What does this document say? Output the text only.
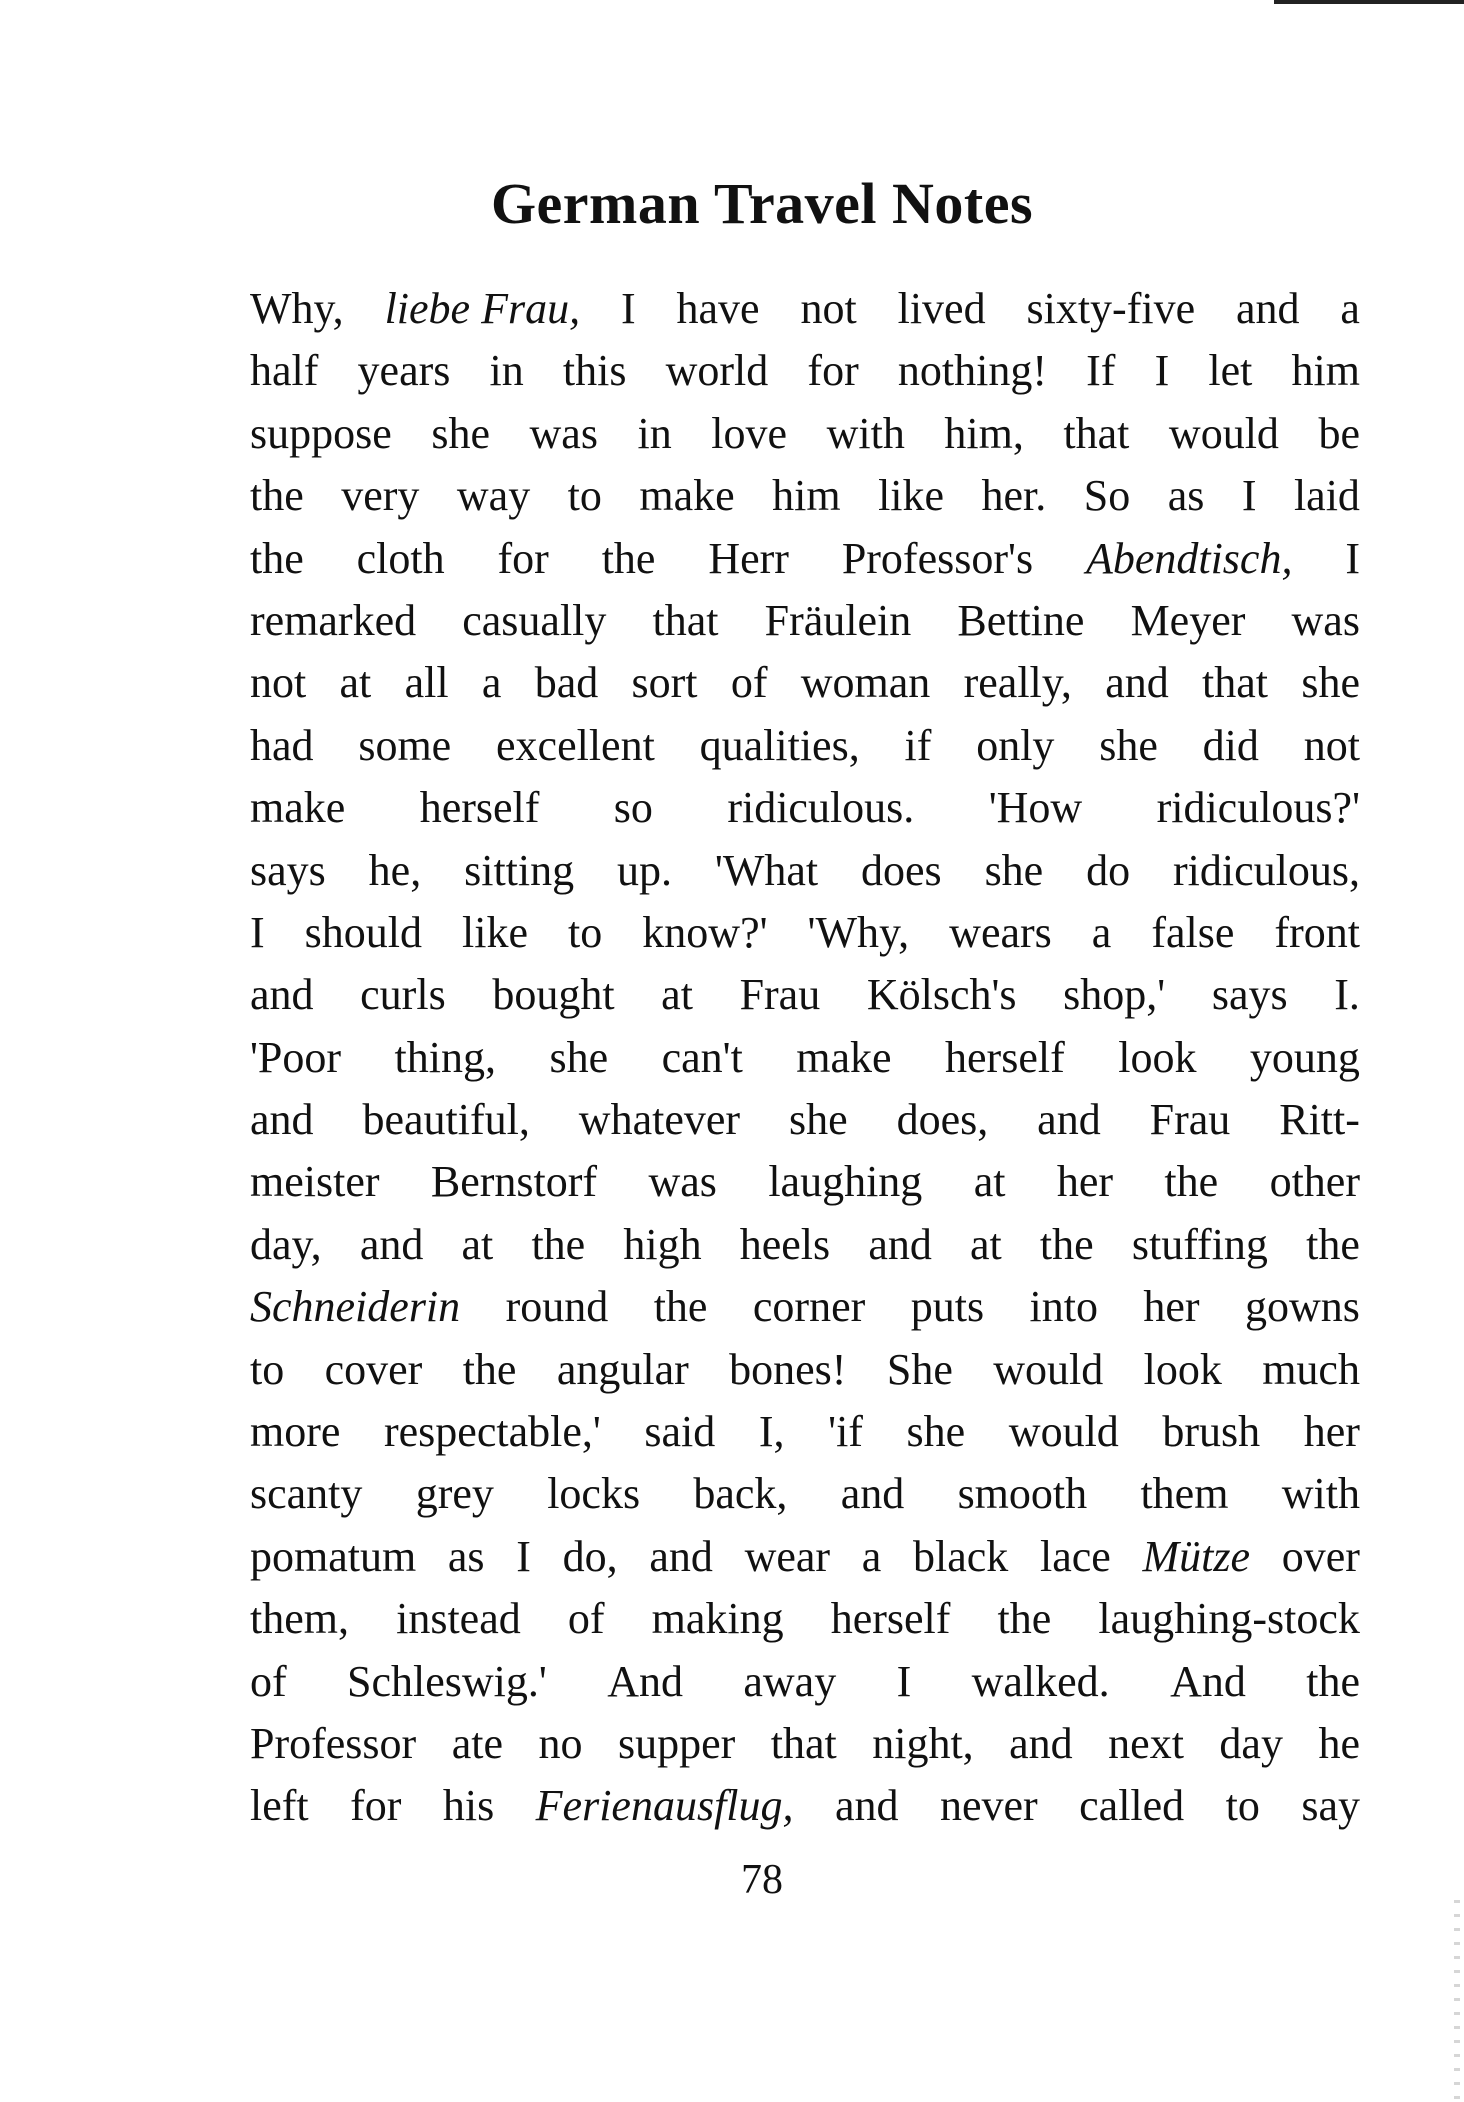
German Travel Notes
Why, liebe Frau, I have not lived sixty-five and a
half years in this world for nothing! If I let him
suppose she was in love with him, that would be
the very way to make him like her. So as I laid
the cloth for the Herr Professor's Abendtisch, I
remarked casually that Fräulein Bettine Meyer was
not at all a bad sort of woman really, and that she
had some excellent qualities, if only she did not
make herself so ridiculous. 'How ridiculous?'
says he, sitting up. 'What does she do ridiculous,
I should like to know?' 'Why, wears a false front
and curls bought at Frau Kölsch's shop,' says I.
'Poor thing, she can't make herself look young
and beautiful, whatever she does, and Frau Ritt-
meister Bernstorf was laughing at her the other
day, and at the high heels and at the stuffing the
Schneiderin round the corner puts into her gowns
to cover the angular bones! She would look much
more respectable,' said I, 'if she would brush her
scanty grey locks back, and smooth them with
pomatum as I do, and wear a black lace Mütze over
them, instead of making herself the laughing-stock
of Schleswig.' And away I walked. And the
Professor ate no supper that night, and next day he
left for his Ferienausflug, and never called to say
78
